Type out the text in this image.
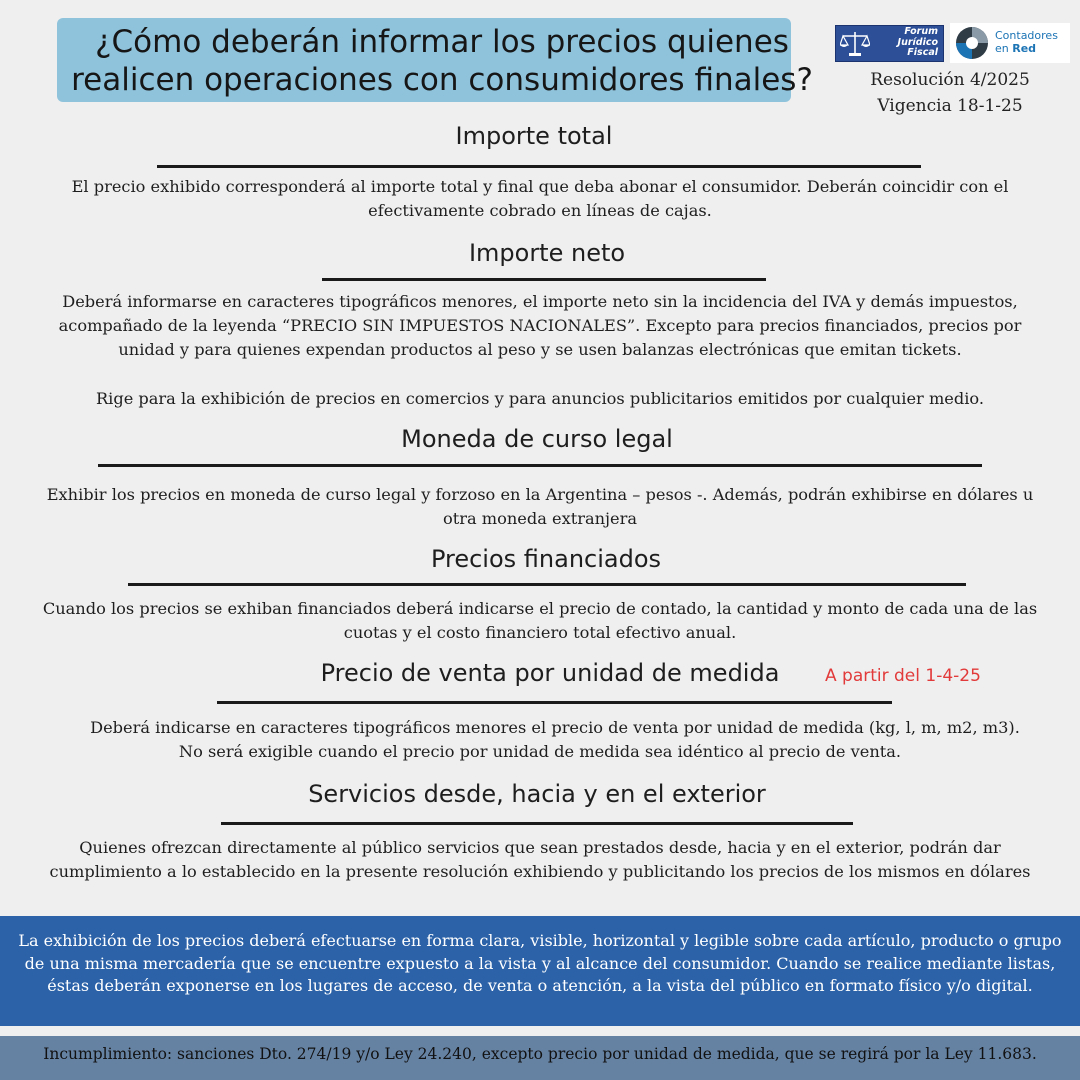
¿Cómo deberán informar los precios quienes realicen operaciones con consumidores finales?
Forum
Jurídico
Fiscal
Contadores
en Red
Resolución 4/2025
Vigencia 18-1-25
Importe total
El precio exhibido corresponderá al importe total y final que deba abonar el consumidor. Deberán coincidir con el efectivamente cobrado en líneas de cajas.
Importe neto
Deberá informarse en caracteres tipográficos menores, el importe neto sin la incidencia del IVA y demás impuestos, acompañado de la leyenda “PRECIO SIN IMPUESTOS NACIONALES”. Excepto para precios financiados, precios por unidad y para quienes expendan productos al peso y se usen balanzas electrónicas que emitan tickets.
Rige para la exhibición de precios en comercios y para anuncios publicitarios emitidos por cualquier medio.
Moneda de curso legal
Exhibir los precios en moneda de curso legal y forzoso en la Argentina – pesos -. Además, podrán exhibirse en dólares u otra moneda extranjera
Precios financiados
Cuando los precios se exhiban financiados deberá indicarse el precio de contado, la cantidad y monto de cada una de las cuotas y el costo financiero total efectivo anual.
Precio de venta por unidad de medida	A partir del 1-4-25
Deberá indicarse en caracteres tipográficos menores el precio de venta por unidad de medida (kg, l, m, m2, m3).
No será exigible cuando el precio por unidad de medida sea idéntico al precio de venta.
Servicios desde, hacia y en el exterior
Quienes ofrezcan directamente al público servicios que sean prestados desde, hacia y en el exterior, podrán dar cumplimiento a lo establecido en la presente resolución exhibiendo y publicitando los precios de los mismos en dólares
La exhibición de los precios deberá efectuarse en forma clara, visible, horizontal y legible sobre cada artículo, producto o grupo de una misma mercadería que se encuentre expuesto a la vista y al alcance del consumidor. Cuando se realice mediante listas, éstas deberán exponerse en los lugares de acceso, de venta o atención, a la vista del público en formato físico y/o digital.
Incumplimiento: sanciones Dto. 274/19 y/o Ley 24.240, excepto precio por unidad de medida, que se regirá por la Ley 11.683.
